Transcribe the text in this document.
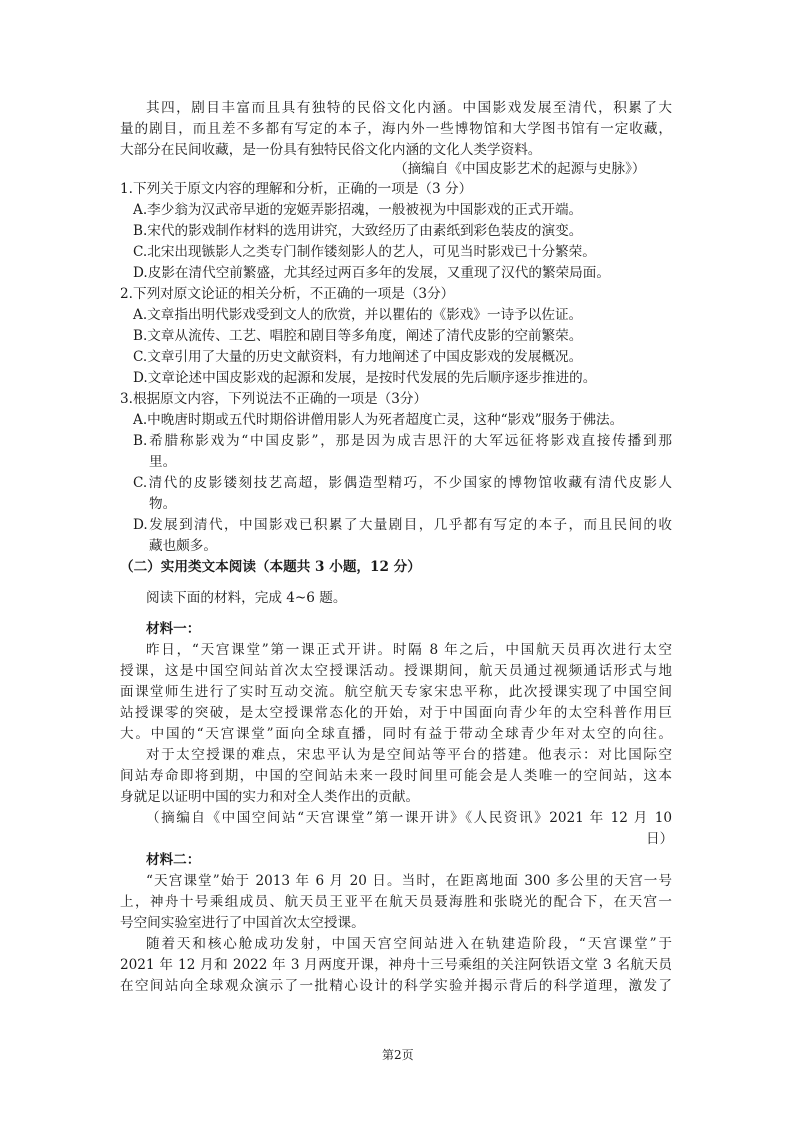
其四，剧目丰富而且具有独特的民俗文化内涵。中国影戏发展至清代，积累了大
量的剧目，而且差不多都有写定的本子，海内外一些博物馆和大学图书馆有一定收藏，
大部分在民间收藏，是一份具有独特民俗文化内涵的文化人类学资料。
（摘编自《中国皮影艺术的起源与史脉》）
1.下列关于原文内容的理解和分析，正确的一项是（3 分）
A.李少翁为汉武帝早逝的宠姬弄影招魂，一般被视为中国影戏的正式开端。
B.宋代的影戏制作材料的选用讲究，大致经历了由素纸到彩色装皮的演变。
C.北宋出现镞影人之类专门制作镂刻影人的艺人，可见当时影戏已十分繁荣。
D.皮影在清代空前繁盛，尤其经过两百多年的发展，又重现了汉代的繁荣局面。
2.下列对原文论证的相关分析，不正确的一项是（3分）
A.文章指出明代影戏受到文人的欣赏，并以瞿佑的《影戏》一诗予以佐证。
B.文章从流传、工艺、唱腔和剧目等多角度，阐述了清代皮影的空前繁荣。
C.文章引用了大量的历史文献资料，有力地阐述了中国皮影戏的发展概况。
D.文章论述中国皮影戏的起源和发展，是按时代发展的先后顺序逐步推进的。
3.根据原文内容，下列说法不正确的一项是（3分）
A.中晚唐时期或五代时期俗讲僧用影人为死者超度亡灵，这种“影戏”服务于佛法。
B.希腊称影戏为“中国皮影”，那是因为成吉思汗的大军远征将影戏直接传播到那
里。
C.清代的皮影镂刻技艺高超，影偶造型精巧，不少国家的博物馆收藏有清代皮影人
物。
D.发展到清代，中国影戏已积累了大量剧目，几乎都有写定的本子，而且民间的收
藏也颇多。
（二）实用类文本阅读（本题共 3 小题，12 分）
阅读下面的材料，完成 4~6 题。
材料一：
昨日，“天宫课堂”第一课正式开讲。时隔 8 年之后，中国航天员再次进行太空
授课，这是中国空间站首次太空授课活动。授课期间，航天员通过视频通话形式与地
面课堂师生进行了实时互动交流。航空航天专家宋忠平称，此次授课实现了中国空间
站授课零的突破，是太空授课常态化的开始，对于中国面向青少年的太空科普作用巨
大。中国的“天宫课堂”面向全球直播，同时有益于带动全球青少年对太空的向往。
对于太空授课的难点，宋忠平认为是空间站等平台的搭建。他表示：对比国际空
间站寿命即将到期，中国的空间站未来一段时间里可能会是人类唯一的空间站，这本
身就足以证明中国的实力和对全人类作出的贡献。
（摘编自《中国空间站“天宫课堂”第一课开讲》《人民资讯》2021 年 12 月 10
日）
材料二：
“天宫课堂”始于 2013 年 6 月 20 日。当时，在距离地面 300 多公里的天宫一号
上，神舟十号乘组成员、航天员王亚平在航天员聂海胜和张晓光的配合下，在天宫一
号空间实验室进行了中国首次太空授课。
随着天和核心舱成功发射，中国天宫空间站进入在轨建造阶段，“天宫课堂”于
2021 年 12 月和 2022 年 3 月两度开课，神舟十三号乘组的关注阿铁语文堂 3 名航天员
在空间站向全球观众演示了一批精心设计的科学实验并揭示背后的科学道理，激发了
第2页
